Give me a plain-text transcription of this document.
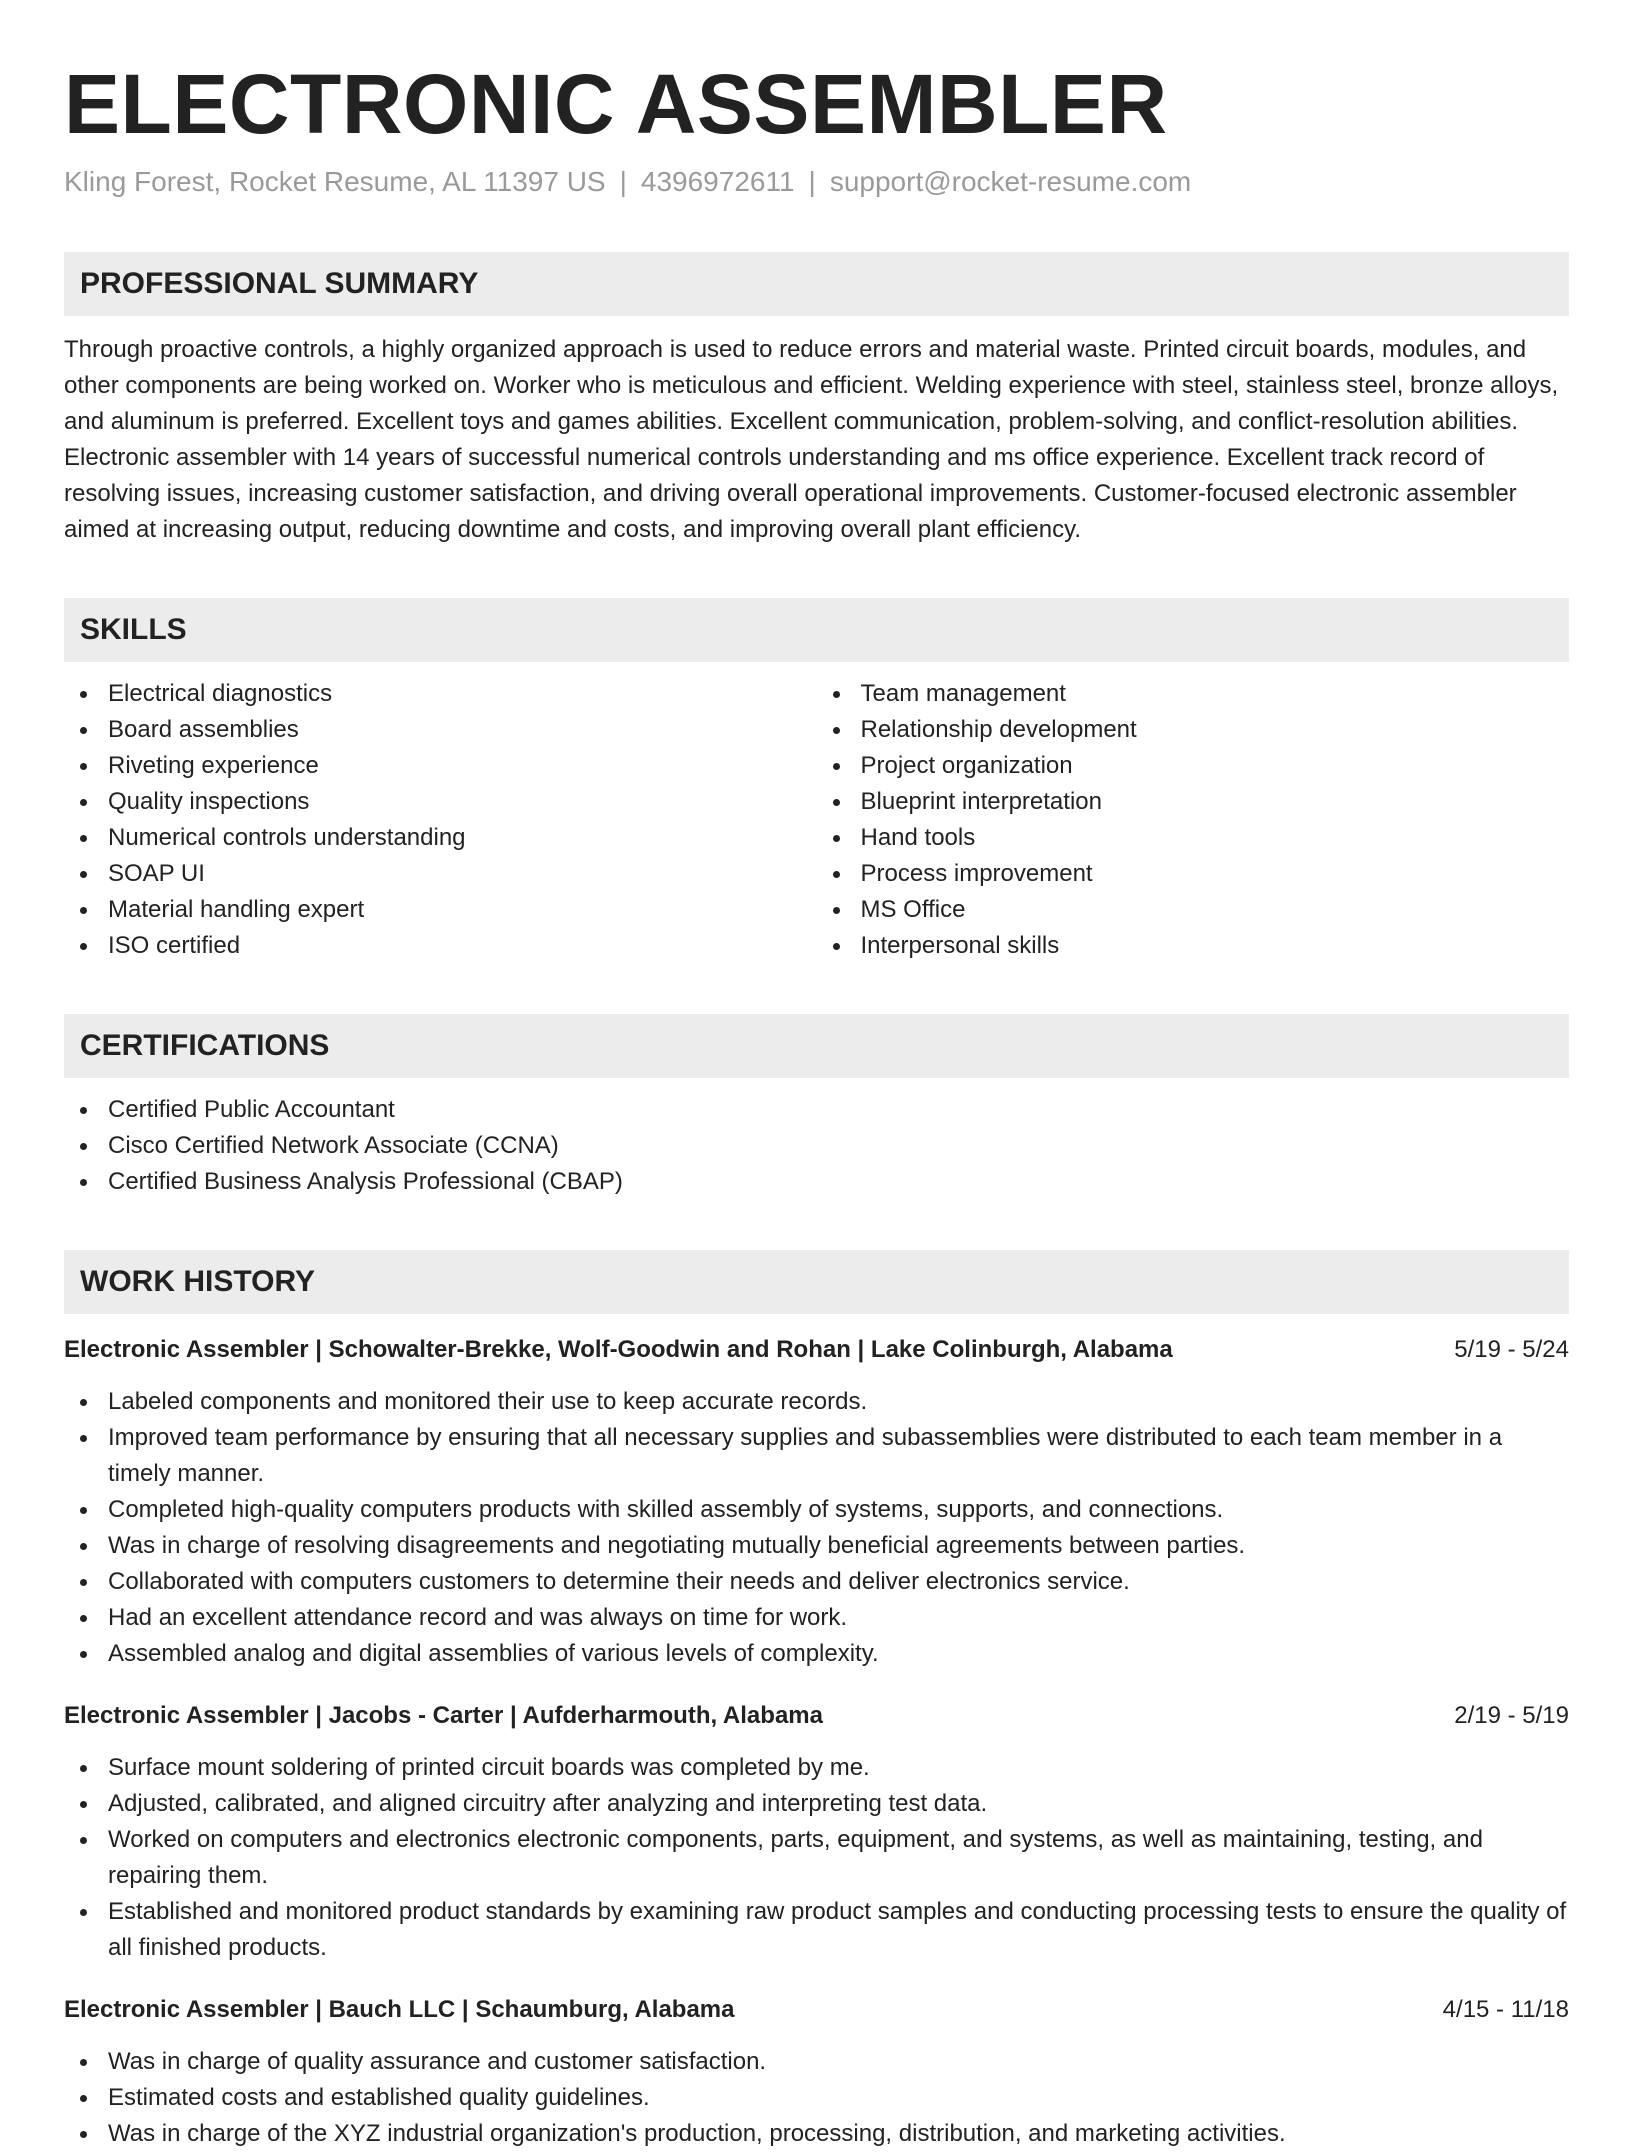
ELECTRONIC ASSEMBLER
Kling Forest, Rocket Resume, AL 11397 US | 4396972611 | support@rocket-resume.com
PROFESSIONAL SUMMARY
Through proactive controls, a highly organized approach is used to reduce errors and material waste. Printed circuit boards, modules, and other components are being worked on. Worker who is meticulous and efficient. Welding experience with steel, stainless steel, bronze alloys, and aluminum is preferred. Excellent toys and games abilities. Excellent communication, problem-solving, and conflict-resolution abilities. Electronic assembler with 14 years of successful numerical controls understanding and ms office experience. Excellent track record of resolving issues, increasing customer satisfaction, and driving overall operational improvements. Customer-focused electronic assembler aimed at increasing output, reducing downtime and costs, and improving overall plant efficiency.
SKILLS
Electrical diagnostics
Board assemblies
Riveting experience
Quality inspections
Numerical controls understanding
SOAP UI
Material handling expert
ISO certified
Team management
Relationship development
Project organization
Blueprint interpretation
Hand tools
Process improvement
MS Office
Interpersonal skills
CERTIFICATIONS
Certified Public Accountant
Cisco Certified Network Associate (CCNA)
Certified Business Analysis Professional (CBAP)
WORK HISTORY
Electronic Assembler | Schowalter-Brekke, Wolf-Goodwin and Rohan | Lake Colinburgh, Alabama	5/19 - 5/24
Labeled components and monitored their use to keep accurate records.
Improved team performance by ensuring that all necessary supplies and subassemblies were distributed to each team member in a timely manner.
Completed high-quality computers products with skilled assembly of systems, supports, and connections.
Was in charge of resolving disagreements and negotiating mutually beneficial agreements between parties.
Collaborated with computers customers to determine their needs and deliver electronics service.
Had an excellent attendance record and was always on time for work.
Assembled analog and digital assemblies of various levels of complexity.
Electronic Assembler | Jacobs - Carter | Aufderharmouth, Alabama	2/19 - 5/19
Surface mount soldering of printed circuit boards was completed by me.
Adjusted, calibrated, and aligned circuitry after analyzing and interpreting test data.
Worked on computers and electronics electronic components, parts, equipment, and systems, as well as maintaining, testing, and repairing them.
Established and monitored product standards by examining raw product samples and conducting processing tests to ensure the quality of all finished products.
Electronic Assembler | Bauch LLC | Schaumburg, Alabama	4/15 - 11/18
Was in charge of quality assurance and customer satisfaction.
Estimated costs and established quality guidelines.
Was in charge of the XYZ industrial organization's production, processing, distribution, and marketing activities.
